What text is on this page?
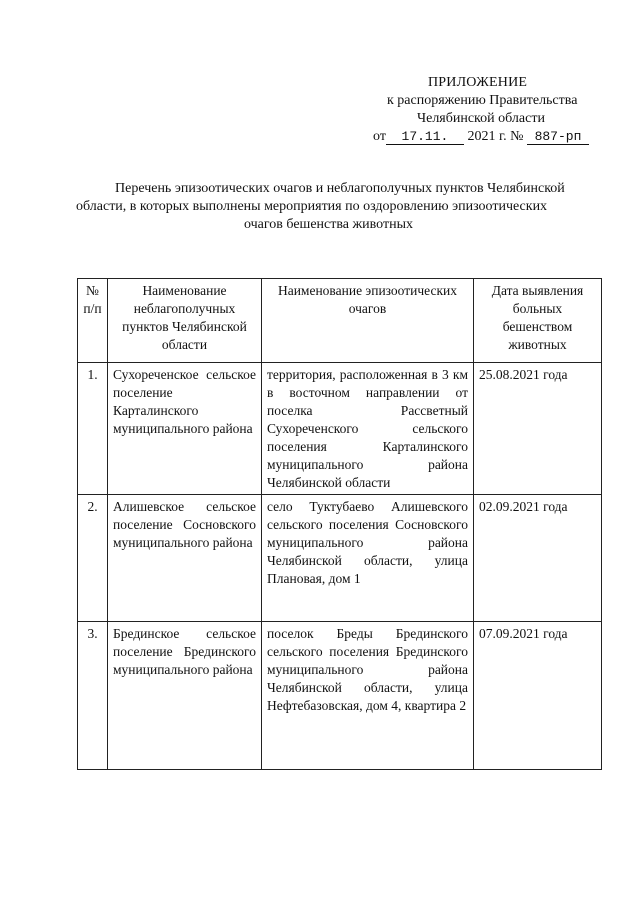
ПРИЛОЖЕНИЕ
к распоряжению Правительства
Челябинской области
от 17.11. 2021 г. № 887-рп
Перечень эпизоотических очагов и неблагополучных пунктов Челябинской
области, в которых выполнены мероприятия по оздоровлению эпизоотических
очагов бешенства животных
№ п/п	Наименование неблагополучных пунктов Челябинской области	Наименование эпизоотических очагов	Дата выявления больных бешенством животных
1.	Сухореченское сельское поселение Карталинского муниципального района	территория, расположенная в 3 км в восточном направлении от поселка Рассветный Сухореченского сельского поселения Карталинского муниципального района Челябинской области	25.08.2021 года
2.	Алишевское сельское поселение Сосновского муниципального района	село Туктубаево Алишевского сельского поселения Сосновского муниципального района Челябинской области, улица Плановая, дом 1	02.09.2021 года
3.	Брединское сельское поселение Брединского муниципального района	поселок Бреды Брединского сельского поселения Брединского муниципального района Челябинской области, улица Нефтебазовская, дом 4, квартира 2	07.09.2021 года
